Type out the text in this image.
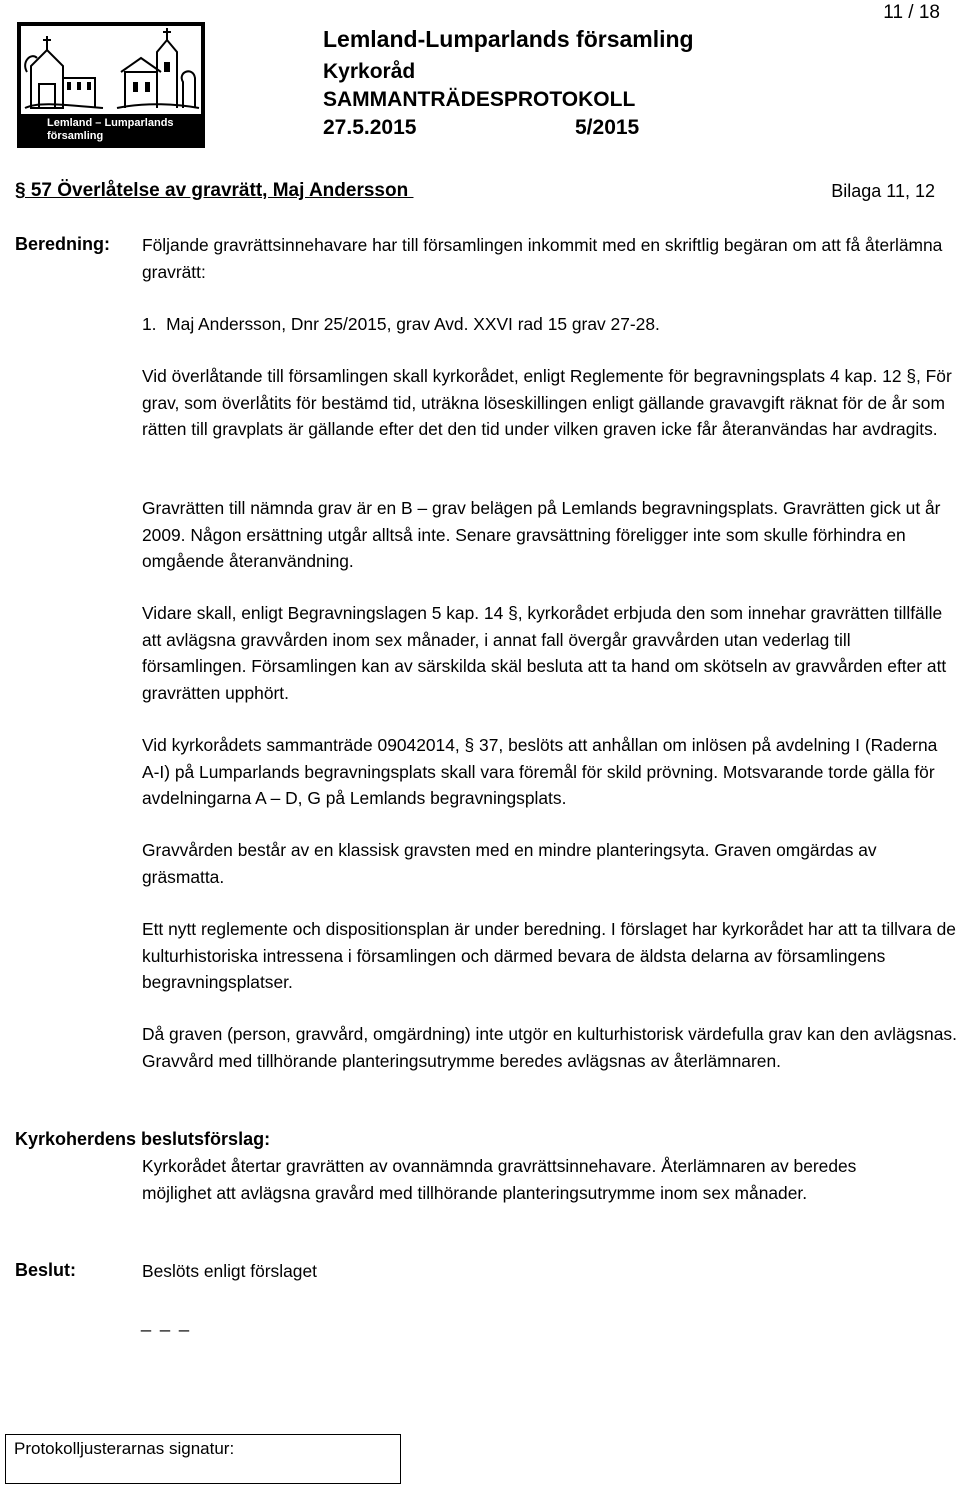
Lemland – Lumparlands
församling
Lemland-Lumparlands församling
Kyrkoråd
SAMMANTRÄDESPROTOKOLL
27.5.2015	5/2015
11 / 18
§ 57 Överlåtelse av gravrätt, Maj Andersson	Bilaga 11, 12
Beredning: Följande gravrättsinnehavare har till församlingen inkommit med en skriftlig begäran om att få återlämna gravrätt:
1.  Maj Andersson, Dnr 25/2015, grav Avd. XXVI rad 15 grav 27-28.
Vid överlåtande till församlingen skall kyrkorådet, enligt Reglemente för begravningsplats 4 kap. 12 §, För grav, som överlåtits för bestämd tid, uträkna löseskillingen enligt gällande gravavgift räknat för de år som rätten till gravplats är gällande efter det den tid under vilken graven icke får återanvändas har avdragits.
Gravrätten till nämnda grav är en B – grav belägen på Lemlands begravningsplats. Gravrätten gick ut år 2009. Någon ersättning utgår alltså inte. Senare gravsättning föreligger inte som skulle förhindra en omgående återanvändning.
Vidare skall, enligt Begravningslagen 5 kap. 14 §, kyrkorådet erbjuda den som innehar gravrätten tillfälle att avlägsna gravvården inom sex månader, i annat fall övergår gravvården utan vederlag till församlingen. Församlingen kan av särskilda skäl besluta att ta hand om skötseln av gravvården efter att gravrätten upphört.
Vid kyrkorådets sammanträde 09042014, § 37, beslöts att anhållan om inlösen på avdelning I (Raderna A-I) på Lumparlands begravningsplats skall vara föremål för skild prövning. Motsvarande torde gälla för avdelningarna A – D, G på Lemlands begravningsplats.
Gravvården består av en klassisk gravsten med en mindre planteringsyta. Graven omgärdas av gräsmatta.
Ett nytt reglemente och dispositionsplan är under beredning. I förslaget har kyrkorådet har att ta tillvara de kulturhistoriska intressena i församlingen och därmed bevara de äldsta delarna av församlingens begravningsplatser.
Då graven (person, gravvård, omgärdning) inte utgör en kulturhistorisk värdefulla grav kan den avlägsnas. Gravvård med tillhörande planteringsutrymme beredes avlägsnas av återlämnaren.
Kyrkoherdens beslutsförslag:
Kyrkorådet återtar gravrätten av ovannämnda gravrättsinnehavare. Återlämnaren av beredes möjlighet att avlägsna gravård med tillhörande planteringsutrymme inom sex månader.
Beslut:	Beslöts enligt förslaget
_ _ _
Protokolljusterarnas signatur:
